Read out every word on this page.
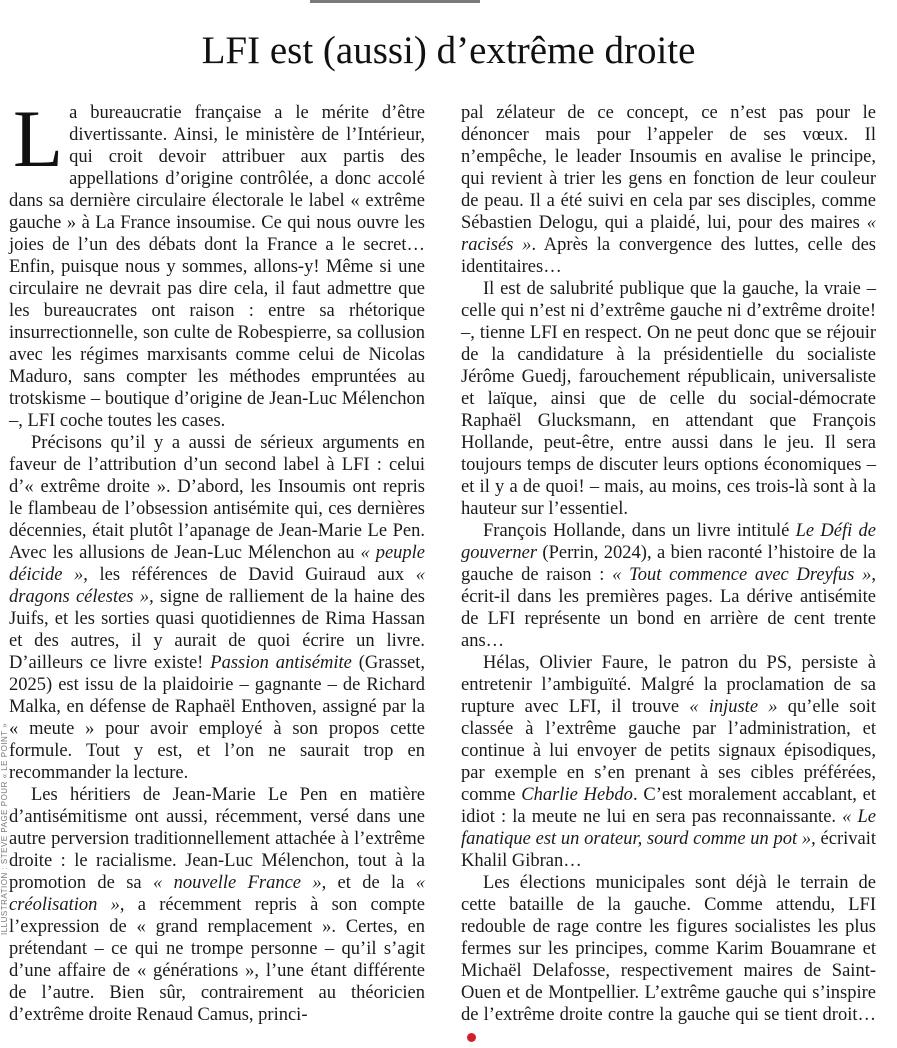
LFI est (aussi) d’extrême droite
ILLUSTRATION : STEVE PAGE POUR « LE POINT »

La bureaucratie française a le mérite d’être divertissante. Ainsi, le ministère de l’Intérieur, qui croit devoir attribuer aux partis des appellations d’origine contrôlée, a donc accolé dans sa dernière circulaire électorale le label « extrême gauche » à La France insoumise. Ce qui nous ouvre les joies de l’un des débats dont la France a le secret… Enfin, puisque nous y sommes, allons-y! Même si une circulaire ne devrait pas dire cela, il faut admettre que les bureaucrates ont raison : entre sa rhétorique insurrectionnelle, son culte de Robespierre, sa collusion avec les régimes marxisants comme celui de Nicolas Maduro, sans compter les méthodes empruntées au trotskisme – boutique d’origine de Jean-Luc Mélenchon –, LFI coche toutes les cases.

Précisons qu’il y a aussi de sérieux arguments en faveur de l’attribution d’un second label à LFI : celui d’« extrême droite ». D’abord, les Insoumis ont repris le flambeau de l’obsession antisémite qui, ces dernières décennies, était plutôt l’apanage de Jean-Marie Le Pen. Avec les allusions de Jean-Luc Mélenchon au « peuple déicide », les références de David Guiraud aux « dragons célestes », signe de ralliement de la haine des Juifs, et les sorties quasi quotidiennes de Rima Hassan et des autres, il y aurait de quoi écrire un livre. D’ailleurs ce livre existe! Passion antisémite (Grasset, 2025) est issu de la plaidoirie – gagnante – de Richard Malka, en défense de Raphaël Enthoven, assigné par la « meute » pour avoir employé à son propos cette formule. Tout y est, et l’on ne saurait trop en recommander la lecture.

Les héritiers de Jean-Marie Le Pen en matière d’antisémitisme ont aussi, récemment, versé dans une autre perversion traditionnellement attachée à l’extrême droite : le racialisme. Jean-Luc Mélenchon, tout à la promotion de sa « nouvelle France », et de la « créolisation », a récemment repris à son compte l’expression de « grand remplacement ». Certes, en prétendant – ce qui ne trompe personne – qu’il s’agit d’une affaire de « générations », l’une étant différente de l’autre. Bien sûr, contrairement au théoricien d’extrême droite Renaud Camus, princi-

pal zélateur de ce concept, ce n’est pas pour le dénoncer mais pour l’appeler de ses vœux. Il n’empêche, le leader Insoumis en avalise le principe, qui revient à trier les gens en fonction de leur couleur de peau. Il a été suivi en cela par ses disciples, comme Sébastien Delogu, qui a plaidé, lui, pour des maires « racisés ». Après la convergence des luttes, celle des identitaires…

Il est de salubrité publique que la gauche, la vraie – celle qui n’est ni d’extrême gauche ni d’extrême droite! –, tienne LFI en respect. On ne peut donc que se réjouir de la candidature à la présidentielle du socialiste Jérôme Guedj, farouchement républicain, universaliste et laïque, ainsi que de celle du social-démocrate Raphaël Glucksmann, en attendant que François Hollande, peut-être, entre aussi dans le jeu. Il sera toujours temps de discuter leurs options économiques – et il y a de quoi! – mais, au moins, ces trois-là sont à la hauteur sur l’essentiel.

François Hollande, dans un livre intitulé Le Défi de gouverner (Perrin, 2024), a bien raconté l’histoire de la gauche de raison : « Tout commence avec Dreyfus », écrit-il dans les premières pages. La dérive antisémite de LFI représente un bond en arrière de cent trente ans…

Hélas, Olivier Faure, le patron du PS, persiste à entretenir l’ambiguïté. Malgré la proclamation de sa rupture avec LFI, il trouve « injuste » qu’elle soit classée à l’extrême gauche par l’administration, et continue à lui envoyer de petits signaux épisodiques, par exemple en s’en prenant à ses cibles préférées, comme Charlie Hebdo. C’est moralement accablant, et idiot : la meute ne lui en sera pas reconnaissante. « Le fanatique est un orateur, sourd comme un pot », écrivait Khalil Gibran…

Les élections municipales sont déjà le terrain de cette bataille de la gauche. Comme attendu, LFI redouble de rage contre les figures socialistes les plus fermes sur les principes, comme Karim Bouamrane et Michaël Delafosse, respectivement maires de Saint-Ouen et de Montpellier. L’extrême gauche qui s’inspire de l’extrême droite contre la gauche qui se tient droit…
